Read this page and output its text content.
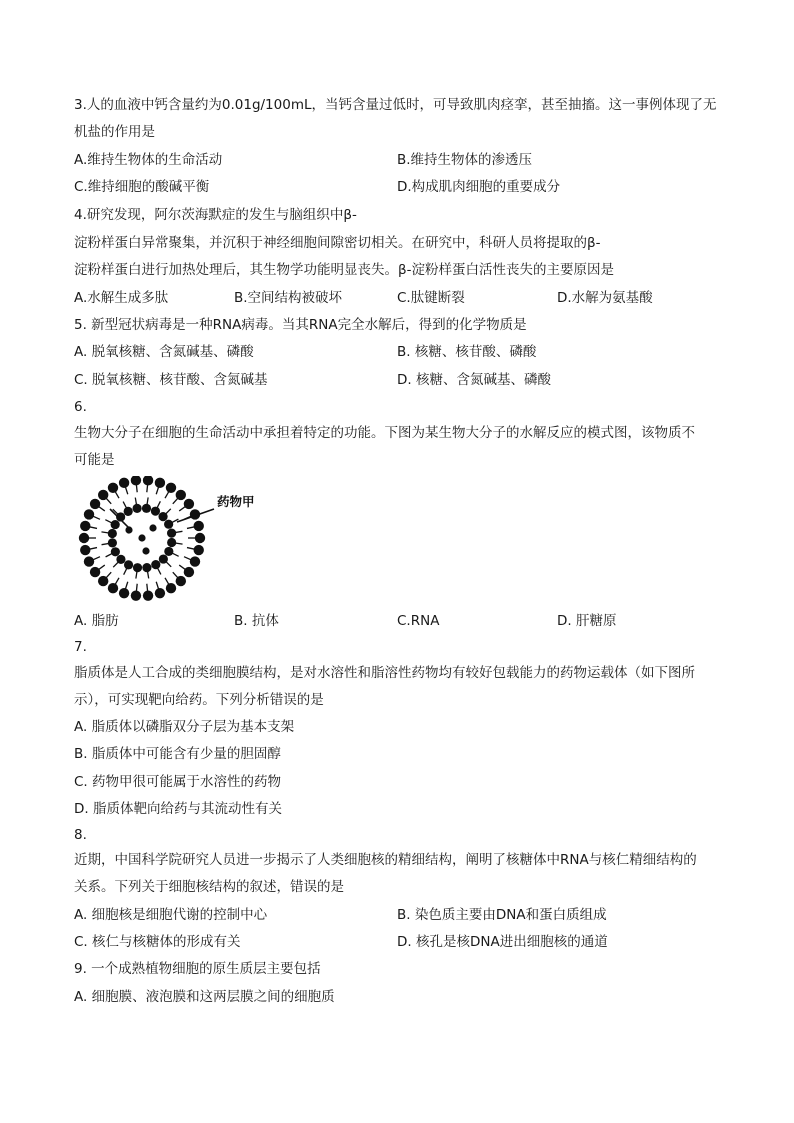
3.人的血液中钙含量约为0.01g/100mL，当钙含量过低时，可导致肌肉痉挛，甚至抽搐。这一事例体现了无
机盐的作用是
A.维持生物体的生命活动	B.维持生物体的渗透压
C.维持细胞的酸碱平衡	D.构成肌肉细胞的重要成分
4.研究发现，阿尔茨海默症的发生与脑组织中β-
淀粉样蛋白异常聚集，并沉积于神经细胞间隙密切相关。在研究中，科研人员将提取的β-
淀粉样蛋白进行加热处理后，其生物学功能明显丧失。β-淀粉样蛋白活性丧失的主要原因是
A.水解生成多肽	B.空间结构被破坏	C.肽键断裂	D.水解为氨基酸
5. 新型冠状病毒是一种RNA病毒。当其RNA完全水解后，得到的化学物质是
A. 脱氧核糖、含氮碱基、磷酸	B. 核糖、核苷酸、磷酸
C. 脱氧核糖、核苷酸、含氮碱基	D. 核糖、含氮碱基、磷酸
6.
生物大分子在细胞的生命活动中承担着特定的功能。下图为某生物大分子的水解反应的模式图，该物质不
可能是
药物甲
A. 脂肪	B. 抗体	C.RNA	D. 肝糖原
7.
脂质体是人工合成的类细胞膜结构，是对水溶性和脂溶性药物均有较好包载能力的药物运载体（如下图所
示），可实现靶向给药。下列分析错误的是
A. 脂质体以磷脂双分子层为基本支架
B. 脂质体中可能含有少量的胆固醇
C. 药物甲很可能属于水溶性的药物
D. 脂质体靶向给药与其流动性有关
8.
近期，中国科学院研究人员进一步揭示了人类细胞核的精细结构，阐明了核糖体中RNA与核仁精细结构的
关系。下列关于细胞核结构的叙述，错误的是
A. 细胞核是细胞代谢的控制中心	B. 染色质主要由DNA和蛋白质组成
C. 核仁与核糖体的形成有关	D. 核孔是核DNA进出细胞核的通道
9. 一个成熟植物细胞的原生质层主要包括
A. 细胞膜、液泡膜和这两层膜之间的细胞质
